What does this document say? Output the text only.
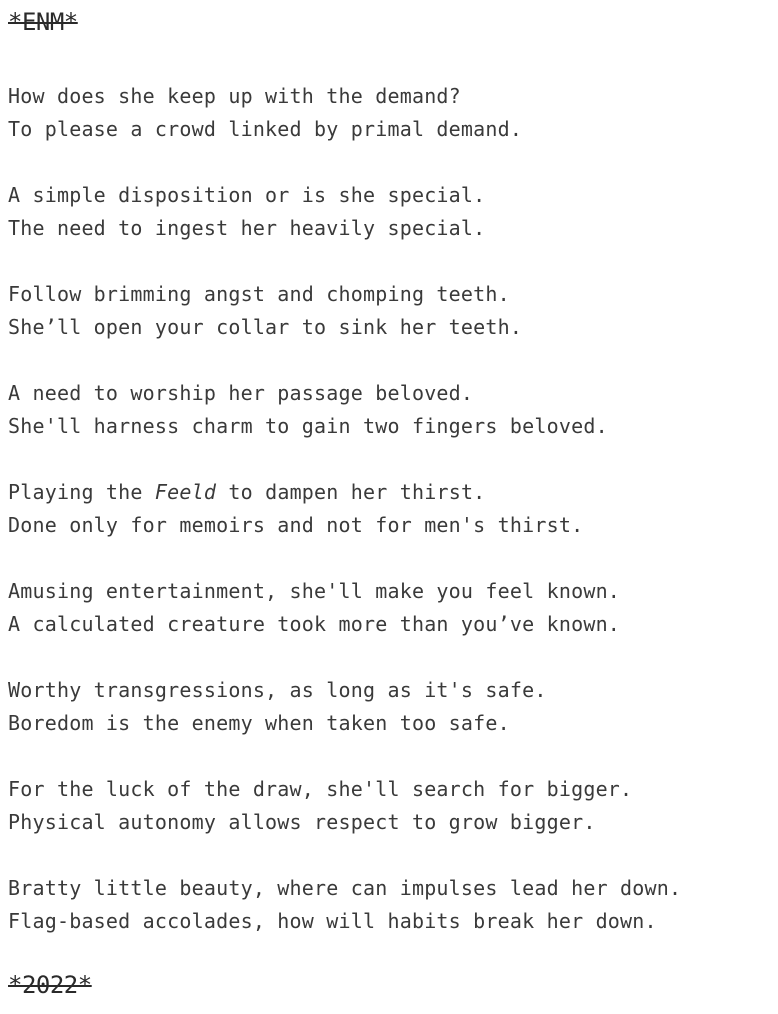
*ENM*
How does she keep up with the demand?
To please a crowd linked by primal demand.
A simple disposition or is she special.
The need to ingest her heavily special.
Follow brimming angst and chomping teeth.
She’ll open your collar to sink her teeth.
A need to worship her passage beloved.
She'll harness charm to gain two fingers beloved.
Playing the Feeld to dampen her thirst.
Done only for memoirs and not for men's thirst.
Amusing entertainment, she'll make you feel known.
A calculated creature took more than you’ve known.
Worthy transgressions, as long as it's safe.
Boredom is the enemy when taken too safe.
For the luck of the draw, she'll search for bigger.
Physical autonomy allows respect to grow bigger.
Bratty little beauty, where can impulses lead her down.
Flag-based accolades, how will habits break her down.
*2022*
